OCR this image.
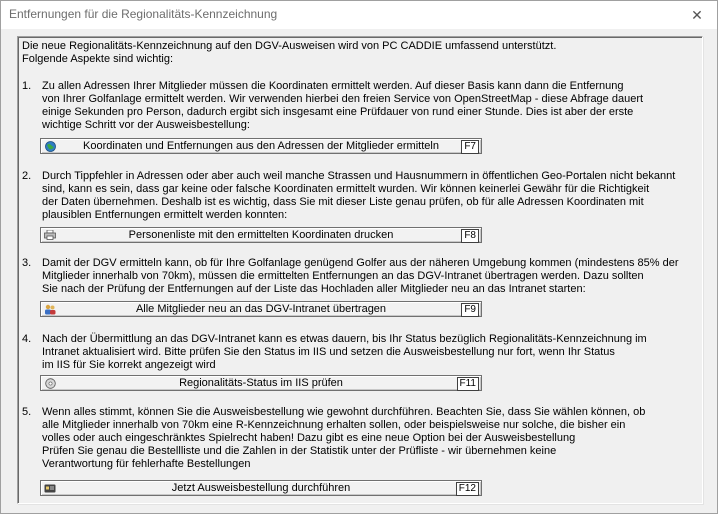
Entfernungen für die Regionalitäts-Kennzeichnung	✕
Die neue Regionalitäts-Kennzeichnung auf den DGV-Ausweisen wird von PC CADDIE umfassend unterstützt.
Folgende Aspekte sind wichtig:
1. Zu allen Adressen Ihrer Mitglieder müssen die Koordinaten ermittelt werden. Auf dieser Basis kann dann die Entfernung
von Ihrer Golfanlage ermittelt werden. Wir verwenden hierbei den freien Service von OpenStreetMap - diese Abfrage dauert
einige Sekunden pro Person, dadurch ergibt sich insgesamt eine Prüfdauer von rund einer Stunde. Dies ist aber der erste
wichtige Schritt vor der Ausweisbestellung:
Koordinaten und Entfernungen aus den Adressen der Mitglieder ermitteln	F7
2. Durch Tippfehler in Adressen oder aber auch weil manche Strassen und Hausnummern in öffentlichen Geo-Portalen nicht bekannt
sind, kann es sein, dass gar keine oder falsche Koordinaten ermittelt wurden. Wir können keinerlei Gewähr für die Richtigkeit
der Daten übernehmen. Deshalb ist es wichtig, dass Sie mit dieser Liste genau prüfen, ob für alle Adressen Koordinaten mit
plausiblen Entfernungen ermittelt werden konnten:
Personenliste mit den ermittelten Koordinaten drucken	F8
3. Damit der DGV ermitteln kann, ob für Ihre Golfanlage genügend Golfer aus der näheren Umgebung kommen (mindestens 85% der
Mitglieder innerhalb von 70km), müssen die ermittelten Entfernungen an das DGV-Intranet übertragen werden. Dazu sollten
Sie nach der Prüfung der Entfernungen auf der Liste das Hochladen aller Mitglieder neu an das Intranet starten:
Alle Mitglieder neu an das DGV-Intranet übertragen	F9
4. Nach der Übermittlung an das DGV-Intranet kann es etwas dauern, bis Ihr Status bezüglich Regionalitäts-Kennzeichnung im
Intranet aktualisiert wird. Bitte prüfen Sie den Status im IIS und setzen die Ausweisbestellung nur fort, wenn Ihr Status
im IIS für Sie korrekt angezeigt wird
Regionalitäts-Status im IIS prüfen	F11
5. Wenn alles stimmt, können Sie die Ausweisbestellung wie gewohnt durchführen. Beachten Sie, dass Sie wählen können, ob
alle Mitglieder innerhalb von 70km eine R-Kennzeichnung erhalten sollen, oder beispielsweise nur solche, die bisher ein
volles oder auch eingeschränktes Spielrecht haben! Dazu gibt es eine neue Option bei der Ausweisbestellung
Prüfen Sie genau die Bestellliste und die Zahlen in der Statistik unter der Prüfliste - wir übernehmen keine
Verantwortung für fehlerhafte Bestellungen
Jetzt Ausweisbestellung durchführen	F12
